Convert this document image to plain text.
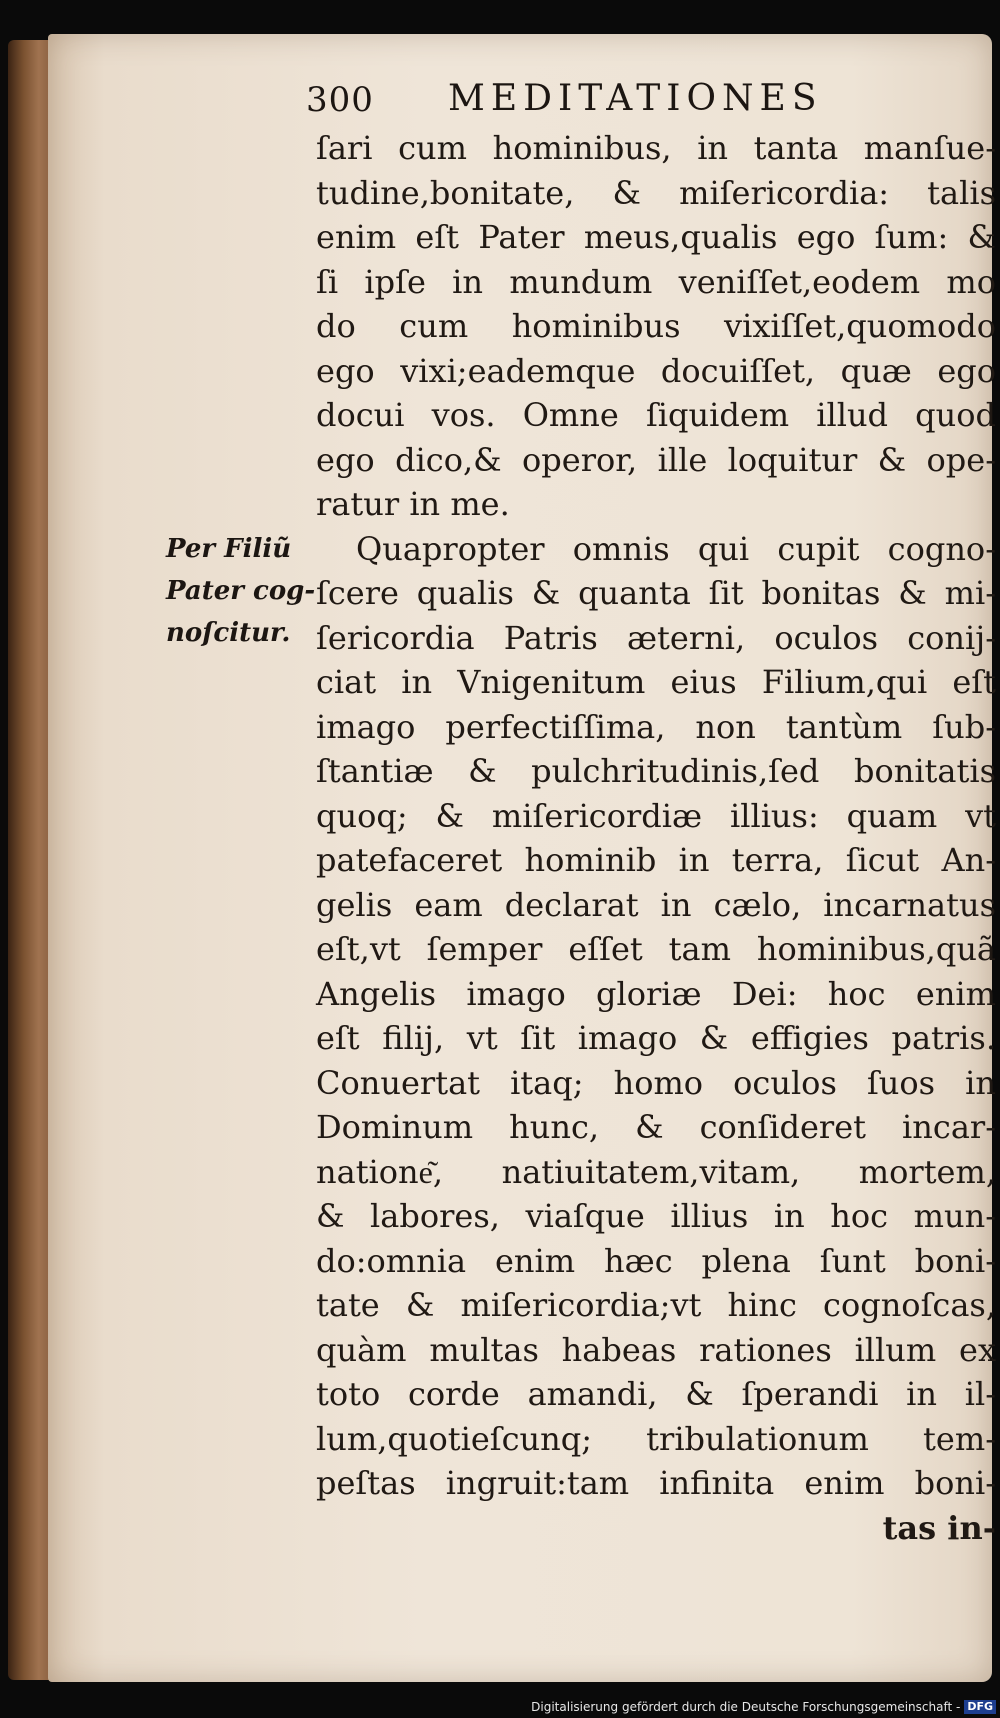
300 MEDITATIONES
Per Filiũ
Pater cog-
noſcitur.
ſari cum hominibus, in tanta manſue-
tudine,bonitate, & miſericordia: talis
enim eſt Pater meus,qualis ego ſum: &
ſi ipſe in mundum veniſſet,eodem mo
do cum hominibus vixiſſet,quomodo
ego vixi;eademque docuiſſet, quæ ego
docui vos. Omne ſiquidem illud quod
ego dico,& operor, ille loquitur & ope-
ratur in me.
Quapropter omnis qui cupit cogno-
ſcere qualis & quanta ſit bonitas & mi-
ſericordia Patris æterni, oculos conij-
ciat in Vnigenitum eius Filium,qui eſt
imago perfectiſſima, non tantùm ſub-
ſtantiæ & pulchritudinis,ſed bonitatis
quoq; & miſericordiæ illius: quam vt
patefaceret hominib in terra, ſicut An-
gelis eam declarat in cælo, incarnatus
eſt,vt ſemper eſſet tam hominibus,quã
Angelis imago gloriæ Dei: hoc enim
eſt filij, vt ſit imago & effigies patris.
Conuertat itaq; homo oculos ſuos in
Dominum hunc, & conſideret incar-
natione͂, natiuitatem,vitam, mortem,
& labores, viaſque illius in hoc mun-
do:omnia enim hæc plena ſunt boni-
tate & miſericordia;vt hinc cognoſcas,
quàm multas habeas rationes illum ex
toto corde amandi, & ſperandi in il-
lum,quotieſcunq; tribulationum tem-
peſtas ingruit:tam infinita enim boni-
tas in-
Digitalisierung gefördert durch die Deutsche Forschungsgemeinschaft - DFG
